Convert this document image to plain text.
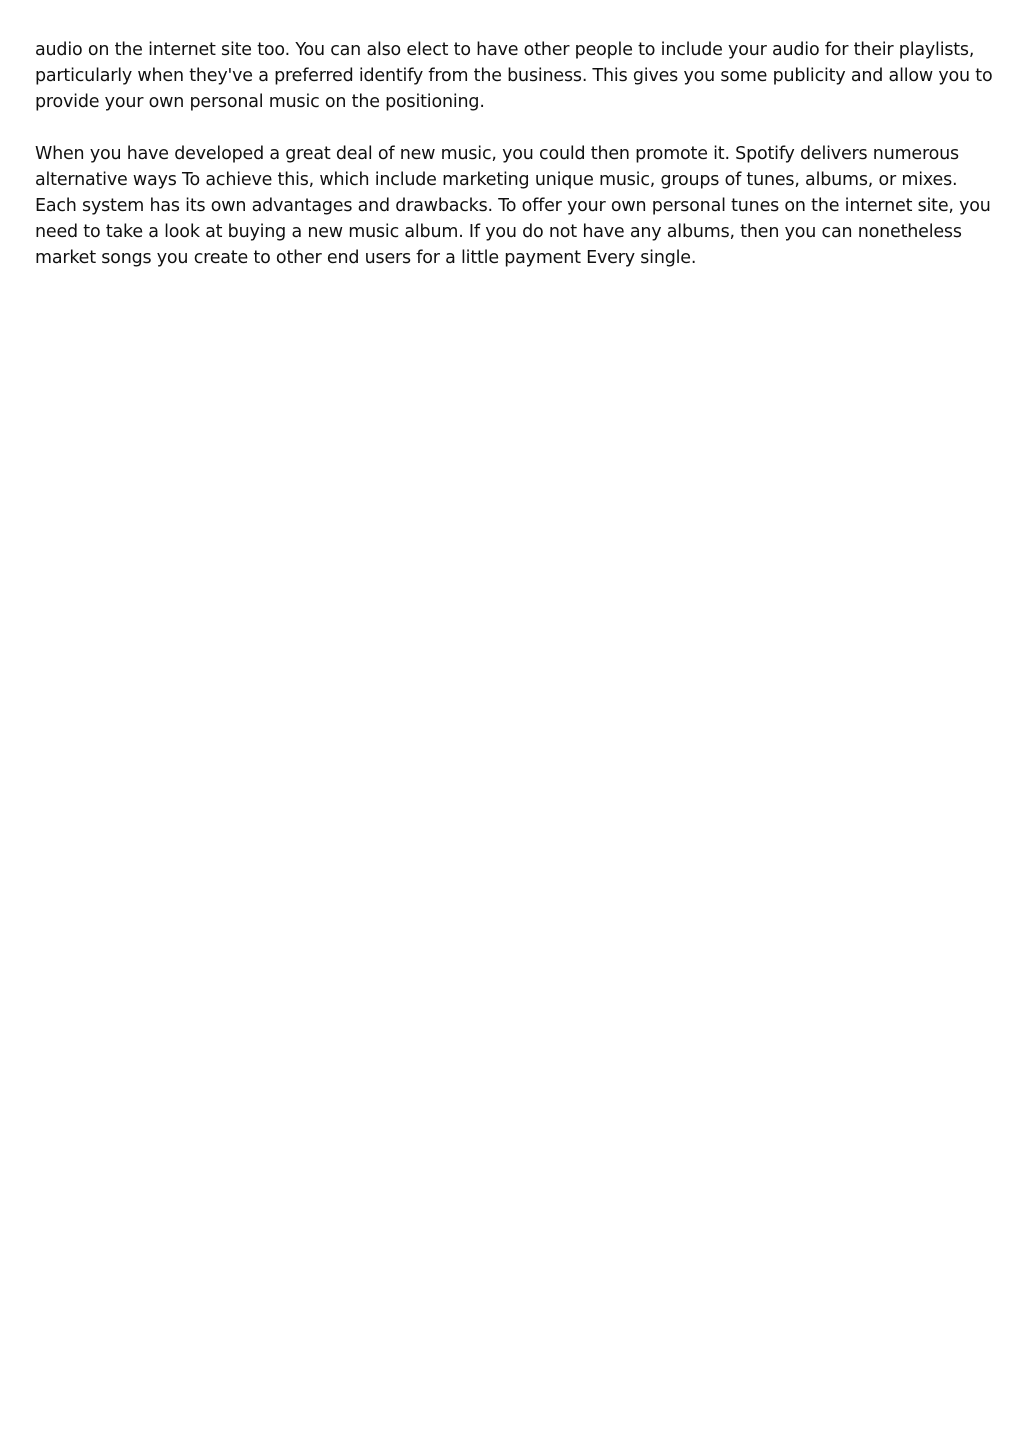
audio on the internet site too. You can also elect to have other people to include your audio for their playlists, particularly when they've a preferred identify from the business. This gives you some publicity and allow you to provide your own personal music on the positioning.

When you have developed a great deal of new music, you could then promote it. Spotify delivers numerous alternative ways To achieve this, which include marketing unique music, groups of tunes, albums, or mixes. Each system has its own advantages and drawbacks. To offer your own personal tunes on the internet site, you need to take a look at buying a new music album. If you do not have any albums, then you can nonetheless market songs you create to other end users for a little payment Every single.
